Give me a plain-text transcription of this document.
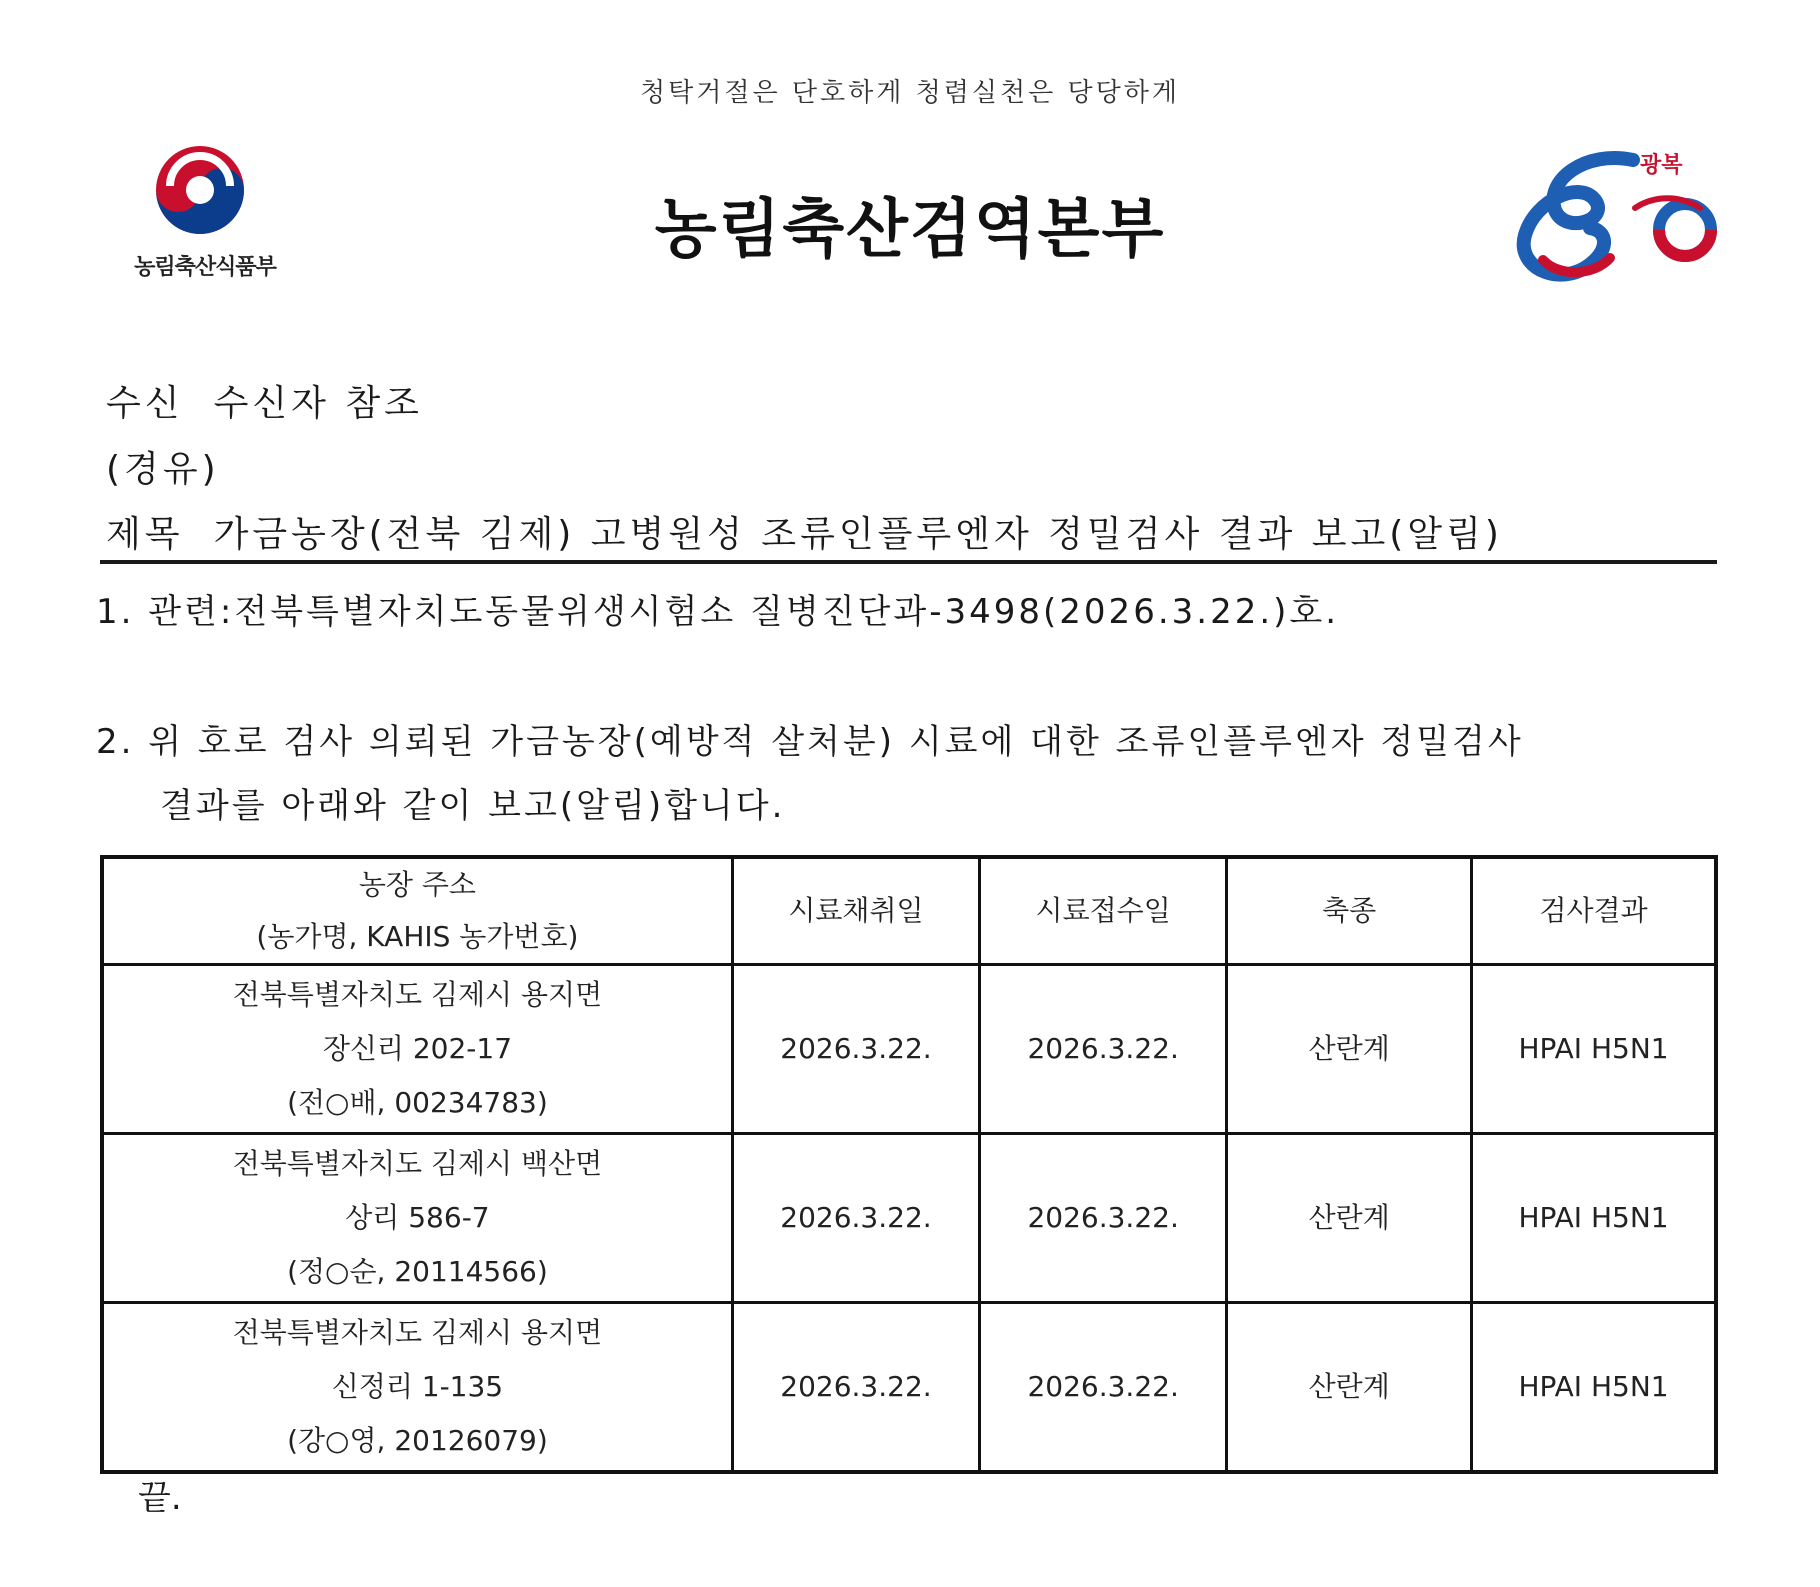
청탁거절은 단호하게 청렴실천은 당당하게
농림축산식품부
농림축산검역본부
광복
수신 수신자 참조
(경유)
제목 가금농장(전북 김제) 고병원성 조류인플루엔자 정밀검사 결과 보고(알림)
1. 관련:전북특별자치도동물위생시험소 질병진단과-3498(2026.3.22.)호.
2. 위 호로 검사 의뢰된 가금농장(예방적 살처분) 시료에 대한 조류인플루엔자 정밀검사
결과를 아래와 같이 보고(알림)합니다.
농장 주소
(농가명, KAHIS 농가번호)	시료채취일	시료접수일	축종	검사결과

전북특별자치도 김제시 용지면
장신리 202-17
(전○배, 00234783)	2026.3.22.	2026.3.22.	산란계	HPAI H5N1

전북특별자치도 김제시 백산면
상리 586-7
(정○순, 20114566)	2026.3.22.	2026.3.22.	산란계	HPAI H5N1

전북특별자치도 김제시 용지면
신정리 1-135
(강○영, 20126079)	2026.3.22.	2026.3.22.	산란계	HPAI H5N1
끝.
